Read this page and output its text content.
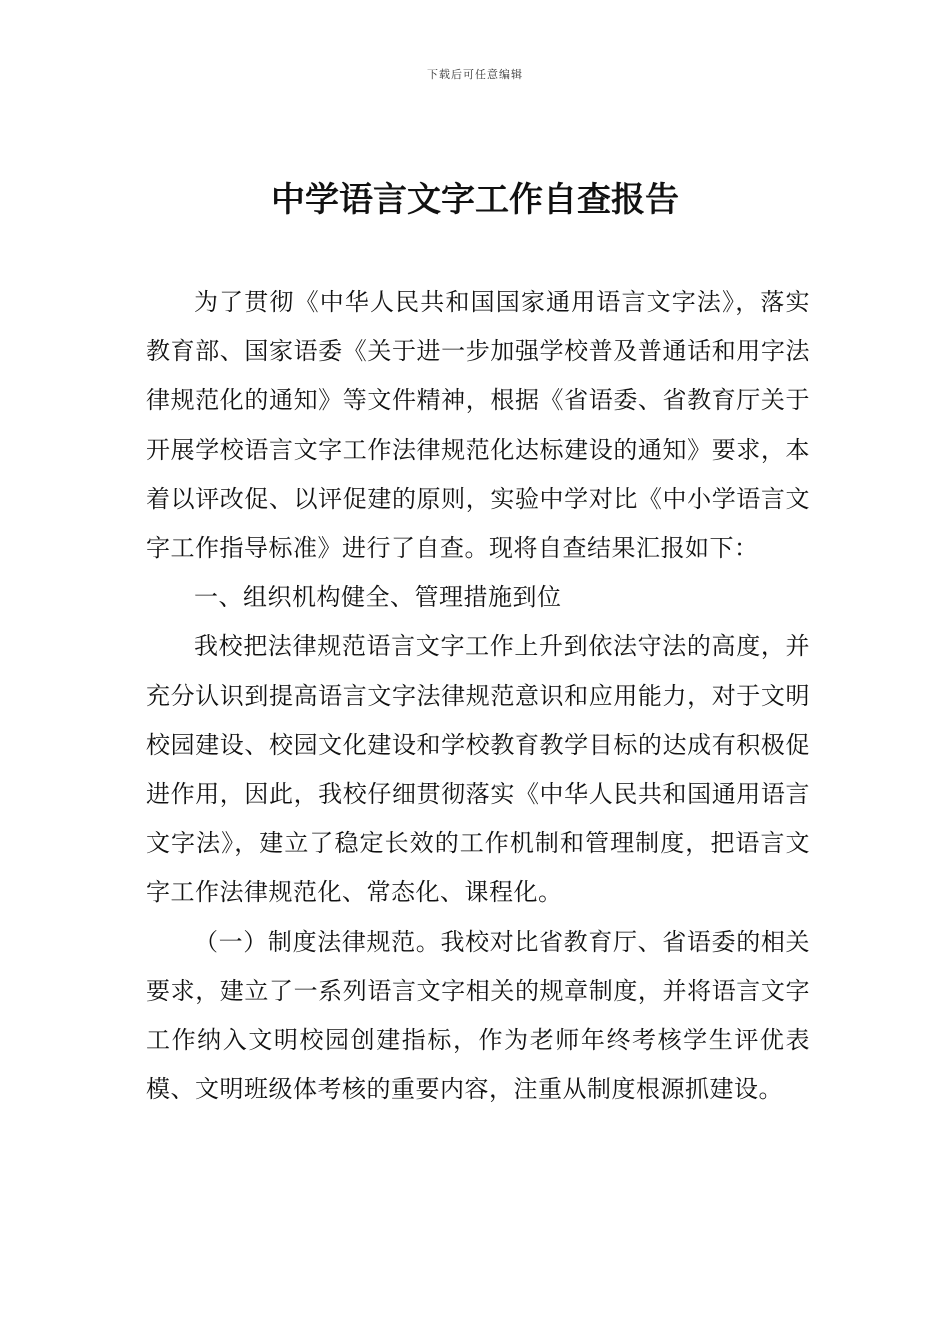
下载后可任意编辑
中学语言文字工作自查报告

为了贯彻《中华人民共和国国家通用语言文字法》，落实教育部、国家语委《关于进一步加强学校普及普通话和用字法律规范化的通知》等文件精神，根据《省语委、省教育厅关于开展学校语言文字工作法律规范化达标建设的通知》要求，本着以评改促、以评促建的原则，实验中学对比《中小学语言文字工作指导标准》进行了自查。现将自查结果汇报如下：

一、组织机构健全、管理措施到位

我校把法律规范语言文字工作上升到依法守法的高度，并充分认识到提高语言文字法律规范意识和应用能力，对于文明校园建设、校园文化建设和学校教育教学目标的达成有积极促进作用，因此，我校仔细贯彻落实《中华人民共和国通用语言文字法》，建立了稳定长效的工作机制和管理制度，把语言文字工作法律规范化、常态化、课程化。

（一）制度法律规范。我校对比省教育厅、省语委的相关要求，建立了一系列语言文字相关的规章制度，并将语言文字工作纳入文明校园创建指标，作为老师年终考核学生评优表模、文明班级体考核的重要内容，注重从制度根源抓建设。
